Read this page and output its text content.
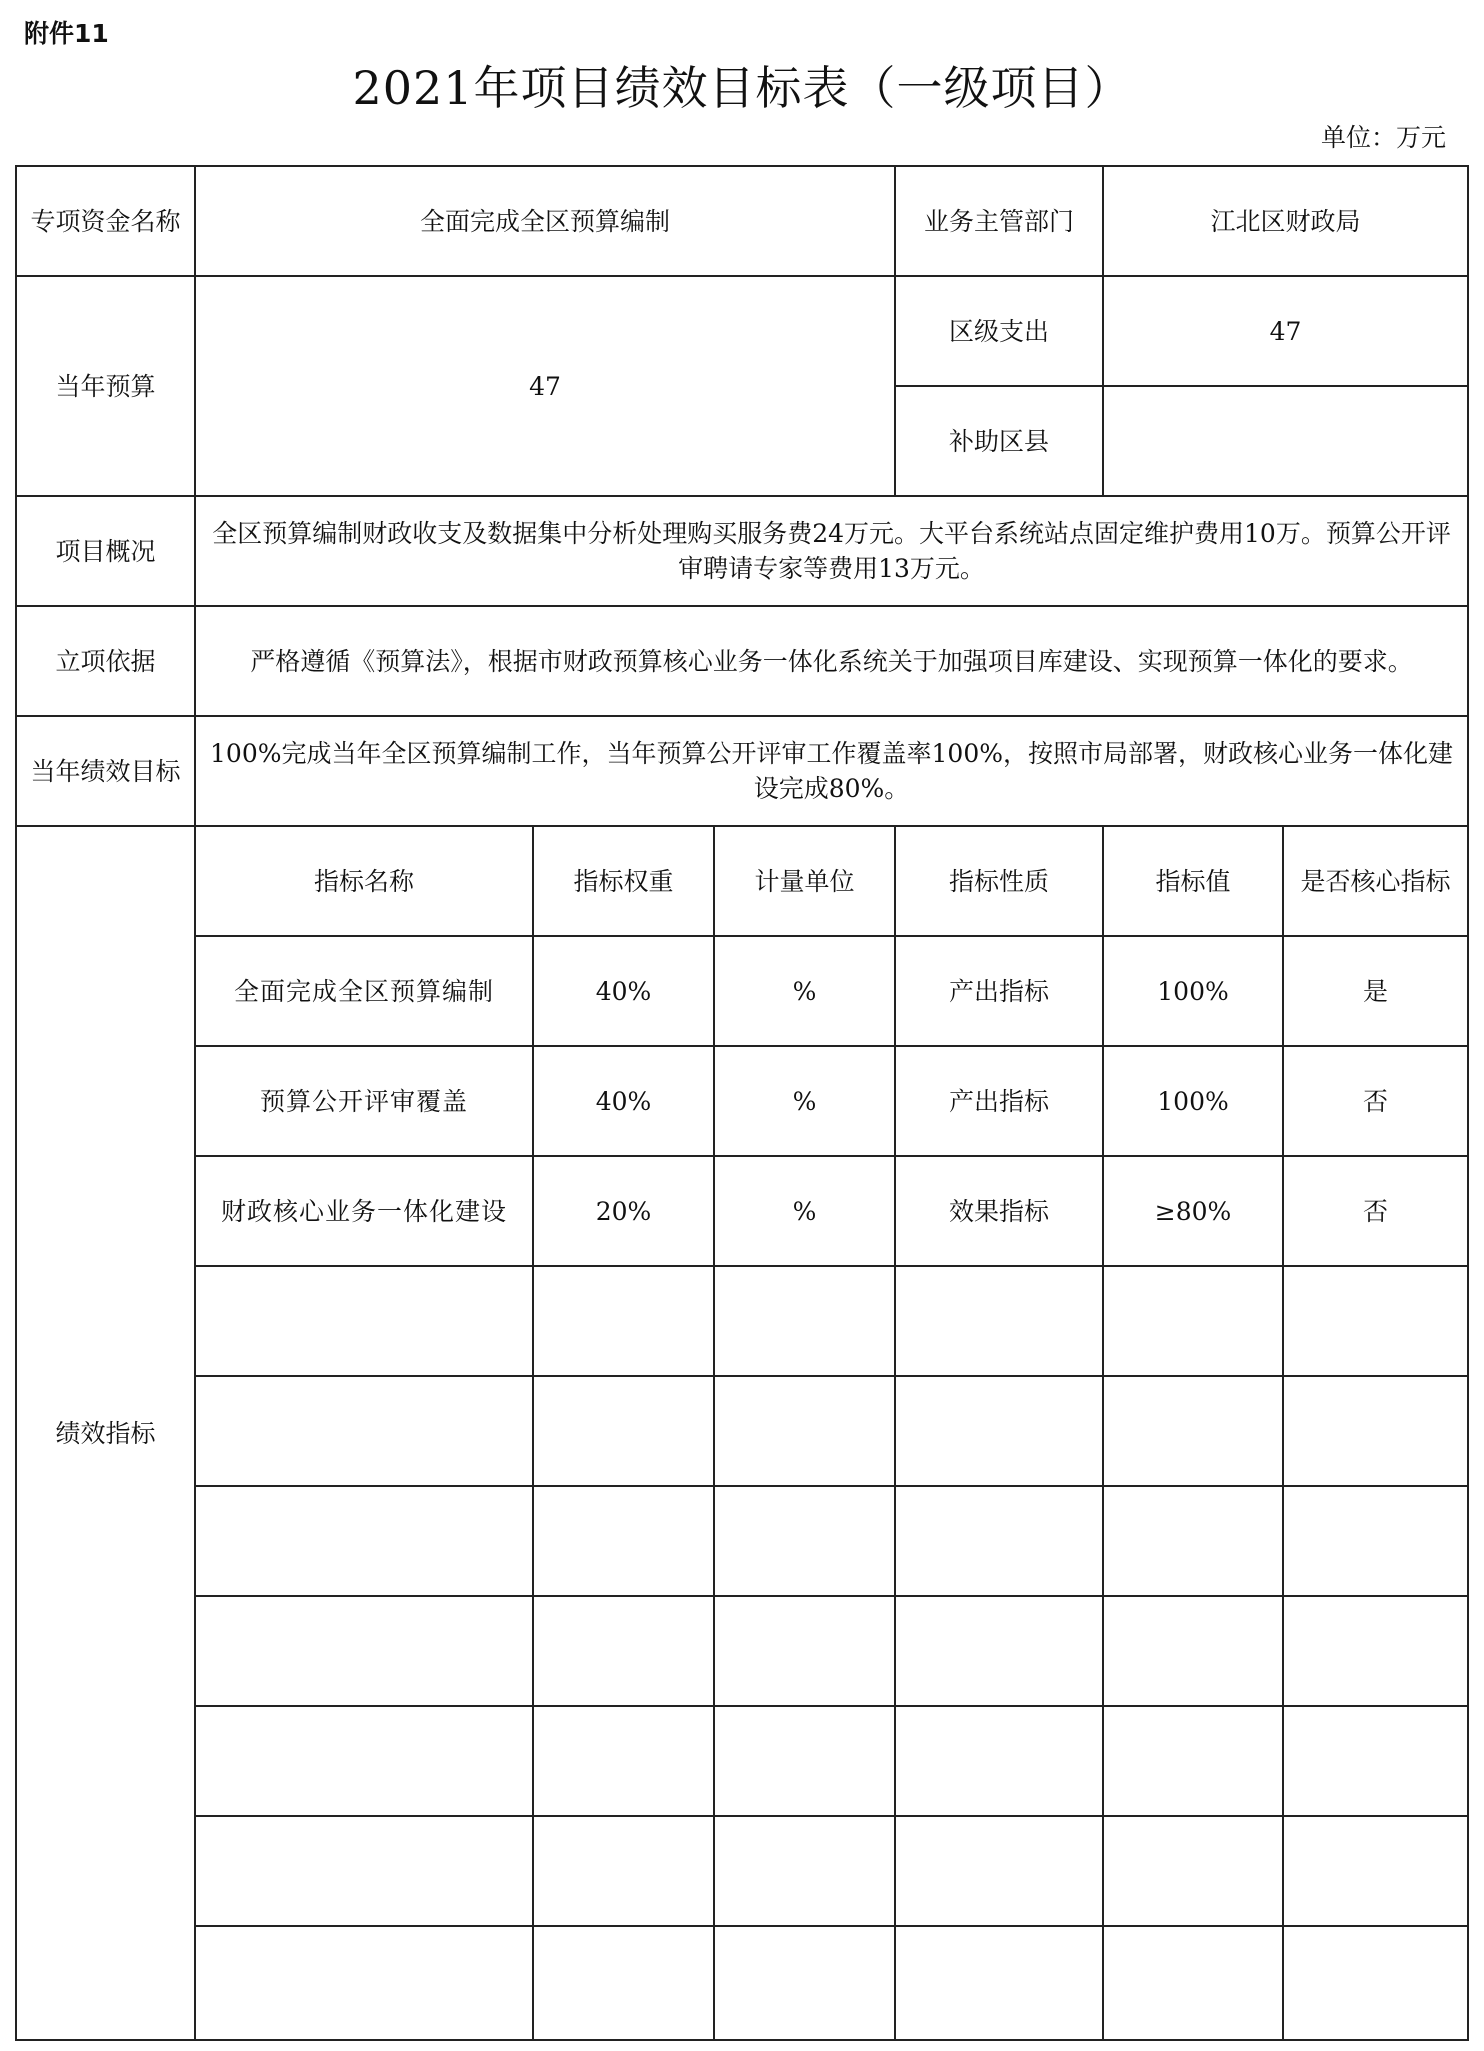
附件11
2021年项目绩效目标表（一级项目）
单位：万元
专项资金名称	全面完成全区预算编制			业务主管部门	江北区财政局	
当年预算	47			区级支出	47	
				补助区县		
项目概况	全区预算编制财政收支及数据集中分析处理购买服务费24万元。大平台系统站点固定维护费用10万。预算公开评审聘请专家等费用13万元。					
立项依据	严格遵循《预算法》，根据市财政预算核心业务一体化系统关于加强项目库建设、实现预算一体化的要求。					
当年绩效目标	100%完成当年全区预算编制工作，当年预算公开评审工作覆盖率100%，按照市局部署，财政核心业务一体化建设完成80%。					
绩效指标	指标名称	指标权重	计量单位	指标性质	指标值	是否核心指标
	全面完成全区预算编制	40%	%	产出指标	100%	是
	预算公开评审覆盖	40%	%	产出指标	100%	否
	财政核心业务一体化建设	20%	%	效果指标	≥80%	否
